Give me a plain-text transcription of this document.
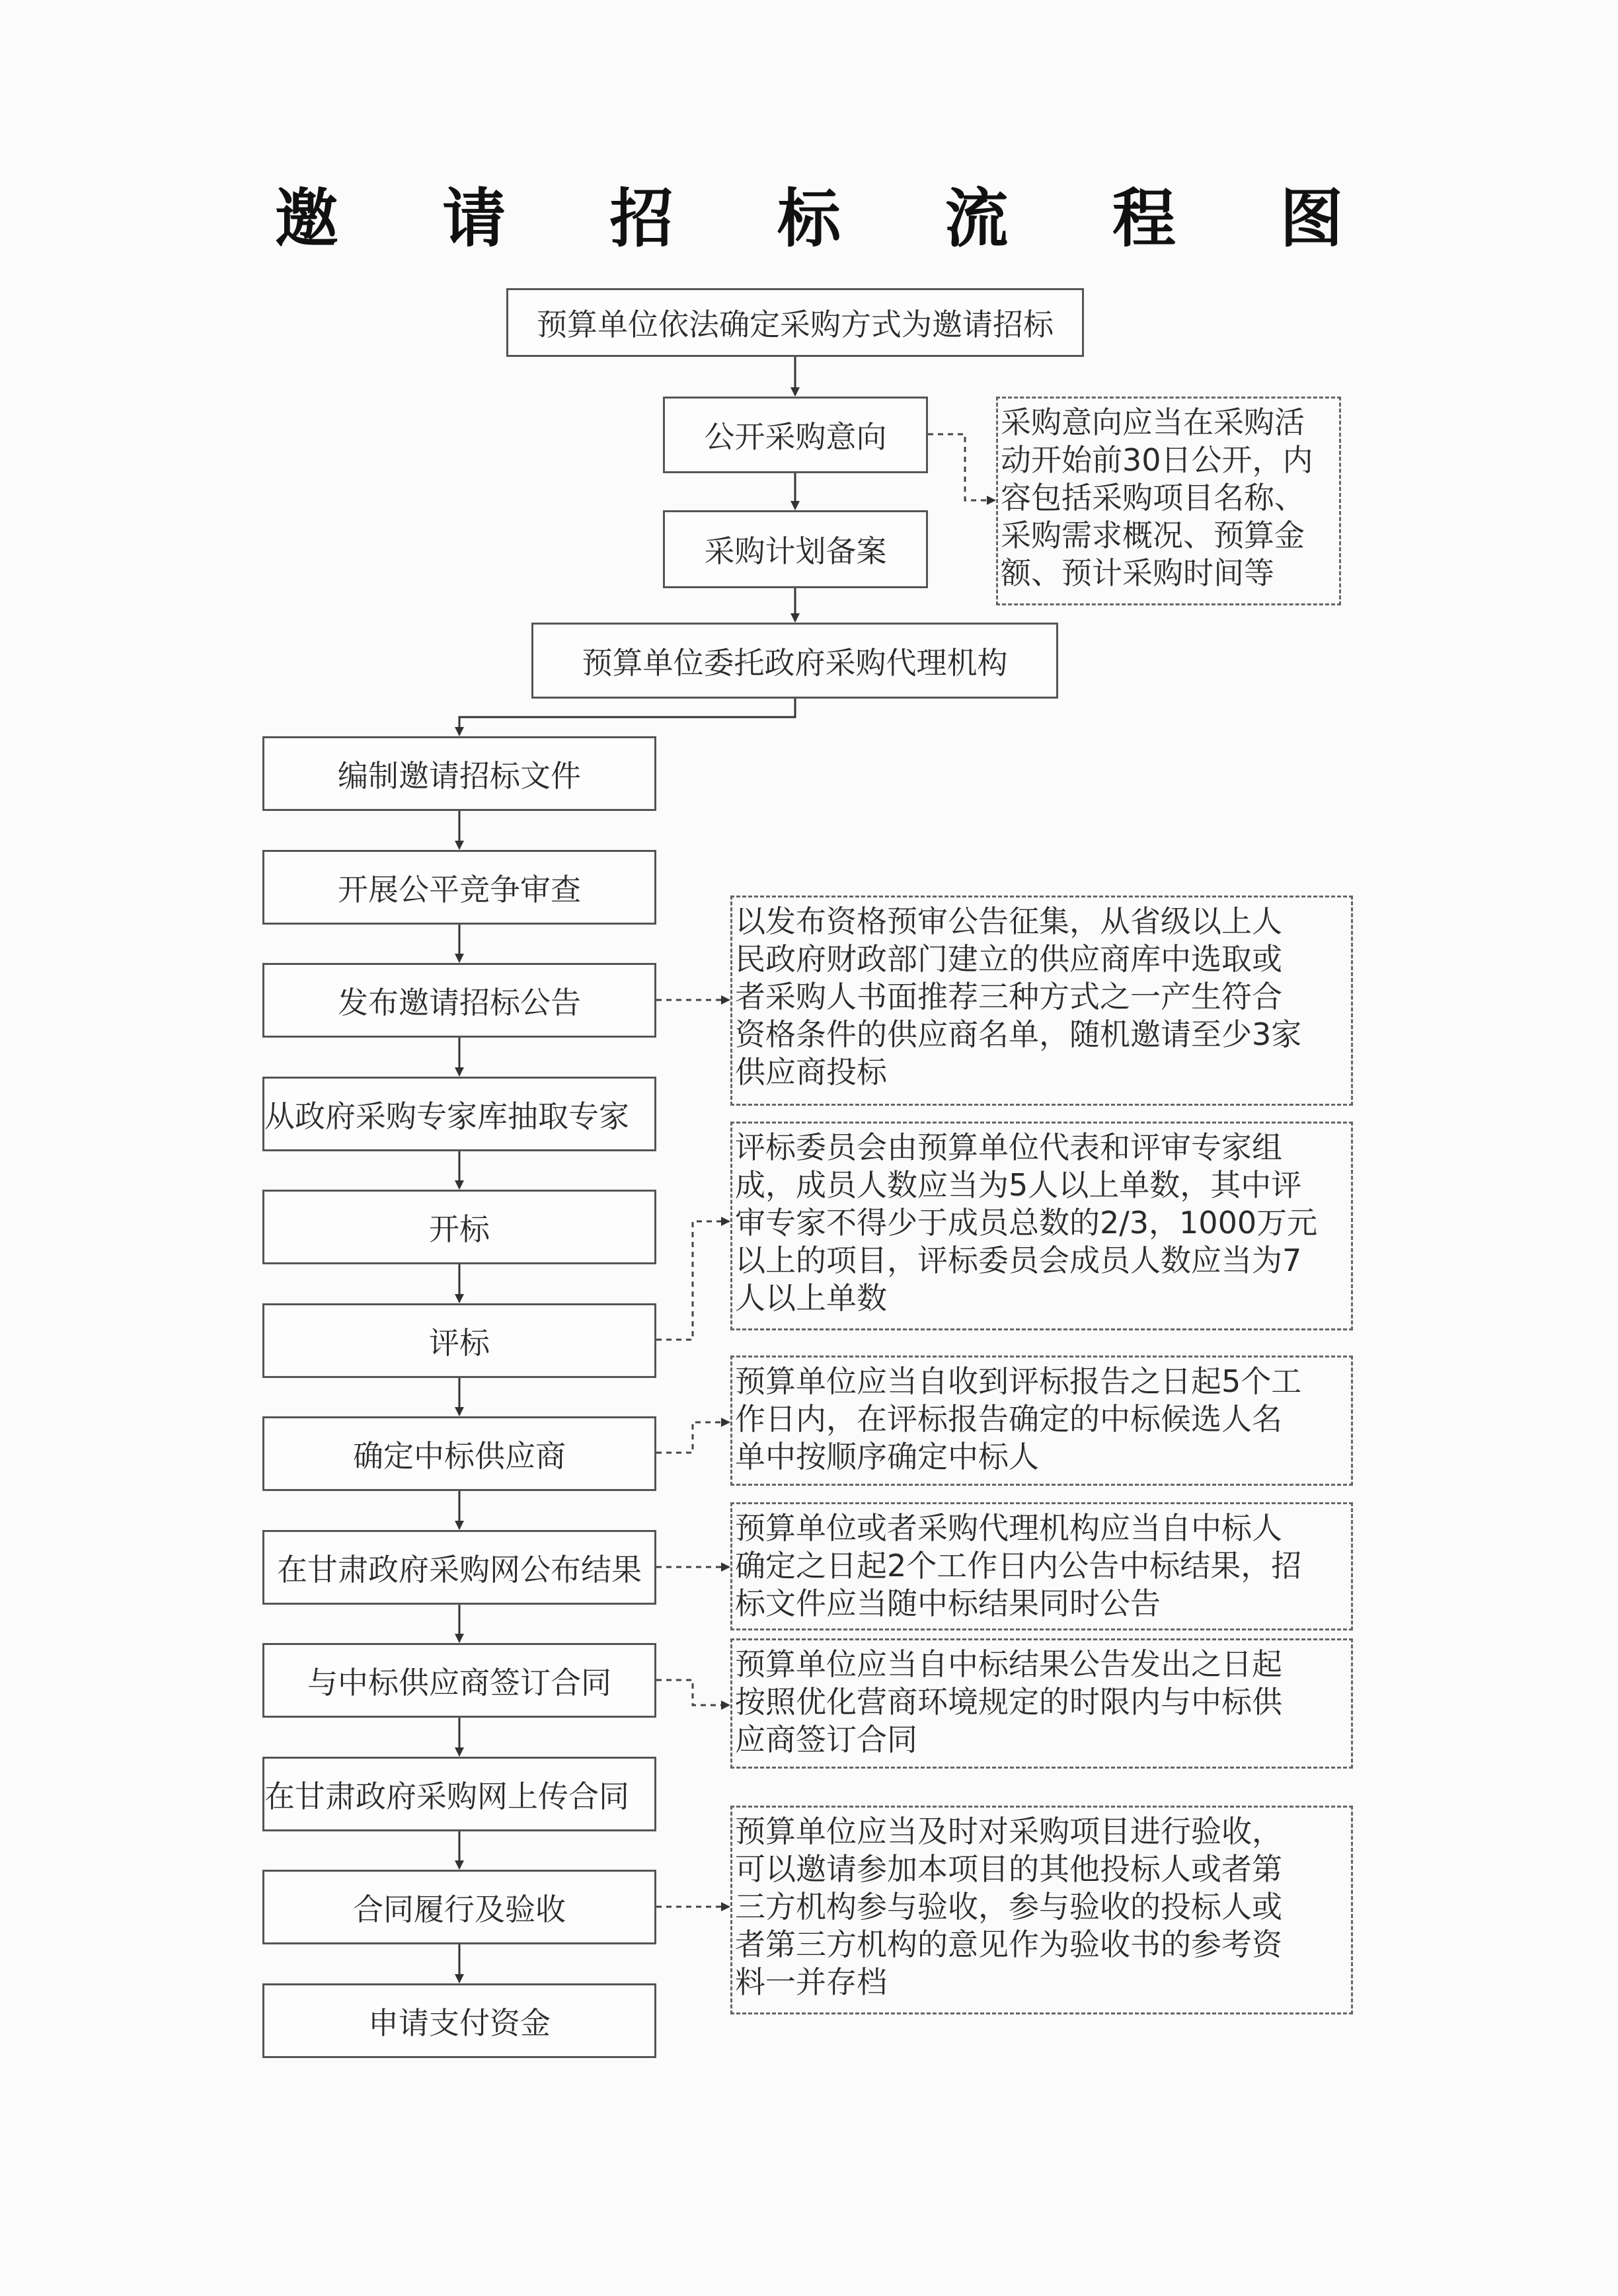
邀 请 招 标 流 程 图
预算单位依法确定采购方式为邀请招标
公开采购意向
采购计划备案
预算单位委托政府采购代理机构
编制邀请招标文件
开展公平竞争审查
发布邀请招标公告
从政府采购专家库抽取专家
开标
评标
确定中标供应商
在甘肃政府采购网公布结果
与中标供应商签订合同
在甘肃政府采购网上传合同
合同履行及验收
申请支付资金
采购意向应当在采购活
动开始前30日公开，内
容包括采购项目名称、
采购需求概况、预算金
额、预计采购时间等
以发布资格预审公告征集，从省级以上人
民政府财政部门建立的供应商库中选取或
者采购人书面推荐三种方式之一产生符合
资格条件的供应商名单，随机邀请至少3家
供应商投标
评标委员会由预算单位代表和评审专家组
成，成员人数应当为5人以上单数，其中评
审专家不得少于成员总数的2/3，1000万元
以上的项目，评标委员会成员人数应当为7
人以上单数
预算单位应当自收到评标报告之日起5个工
作日内，在评标报告确定的中标候选人名
单中按顺序确定中标人
预算单位或者采购代理机构应当自中标人
确定之日起2个工作日内公告中标结果，招
标文件应当随中标结果同时公告
预算单位应当自中标结果公告发出之日起
按照优化营商环境规定的时限内与中标供
应商签订合同
预算单位应当及时对采购项目进行验收，
可以邀请参加本项目的其他投标人或者第
三方机构参与验收，参与验收的投标人或
者第三方机构的意见作为验收书的参考资
料一并存档
